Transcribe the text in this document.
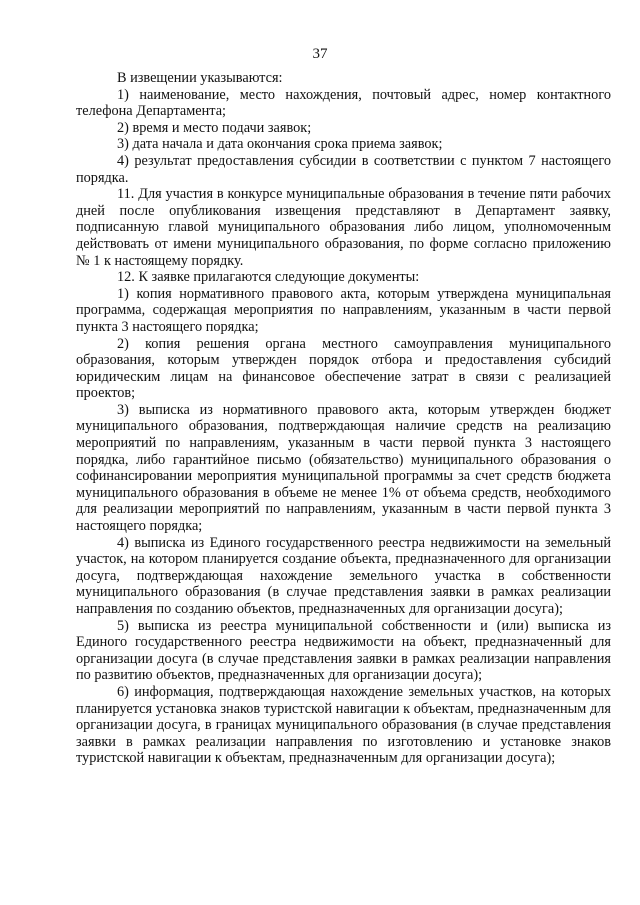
37

В извещении указываются:

1) наименование, место нахождения, почтовый адрес, номер контактного телефона Департамента;

2) время и место подачи заявок;

3) дата начала и дата окончания срока приема заявок;

4) результат предоставления субсидии в соответствии с пунктом 7 настоящего порядка.

11. Для участия в конкурсе муниципальные образования в течение пяти рабочих дней после опубликования извещения представляют в Департамент заявку, подписанную главой муниципального образования либо лицом, уполномоченным действовать от имени муниципального образования, по форме согласно приложению № 1 к настоящему порядку.

12. К заявке прилагаются следующие документы:

1) копия нормативного правового акта, которым утверждена муниципальная программа, содержащая мероприятия по направлениям, указанным в части первой пункта 3 настоящего порядка;

2) копия решения органа местного самоуправления муниципального образования, которым утвержден порядок отбора и предоставления субсидий юридическим лицам на финансовое обеспечение затрат в связи с реализацией проектов;

3) выписка из нормативного правового акта, которым утвержден бюджет муниципального образования, подтверждающая наличие средств на реализацию мероприятий по направлениям, указанным в части первой пункта 3 настоящего порядка, либо гарантийное письмо (обязательство) муниципального образования о софинансировании мероприятия муниципальной программы за счет средств бюджета муниципального образования в объеме не менее 1% от объема средств, необходимого для реализации мероприятий по направлениям, указанным в части первой пункта 3 настоящего порядка;

4) выписка из Единого государственного реестра недвижимости на земельный участок, на котором планируется создание объекта, предназначенного для организации досуга, подтверждающая нахождение земельного участка в собственности муниципального образования (в случае представления заявки в рамках реализации направления по созданию объектов, предназначенных для организации досуга);

5) выписка из реестра муниципальной собственности и (или) выписка из Единого государственного реестра недвижимости на объект, предназначенный для организации досуга (в случае представления заявки в рамках реализации направления по развитию объектов, предназначенных для организации досуга);

6) информация, подтверждающая нахождение земельных участков, на которых планируется установка знаков туристской навигации к объектам, предназначенным для организации досуга, в границах муниципального образования (в случае представления заявки в рамках реализации направления по изготовлению и установке знаков туристской навигации к объектам, предназначенным для организации досуга);
